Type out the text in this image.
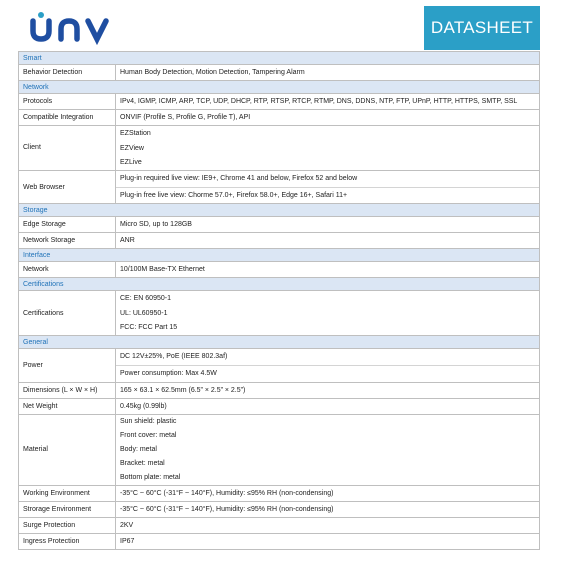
DATASHEET
Smart	
Behavior Detection	Human Body Detection, Motion Detection, Tampering Alarm
Network	
Protocols	IPv4, IGMP, ICMP, ARP, TCP, UDP, DHCP, RTP, RTSP, RTCP, RTMP, DNS, DDNS, NTP, FTP, UPnP, HTTP, HTTPS, SMTP, SSL
Compatible Integration	ONVIF (Profile S, Profile G, Profile T), API
Client	EZStation
EZView
EZLive

Web Browser	Plug-in required live view: IE9+, Chrome 41 and below, Firefox 52 and below
Plug-in free live view: Chorme 57.0+, Firefox 58.0+, Edge 16+, Safari 11+

Storage	
Edge Storage	Micro SD, up to 128GB
Network Storage	ANR
Interface	
Network	10/100M Base-TX Ethernet
Certifications	
Certifications	CE: EN 60950-1
UL: UL60950-1
FCC: FCC Part 15

General	
Power	DC 12V±25%, PoE (IEEE 802.3af)
Power consumption: Max 4.5W

Dimensions (L × W × H)	165 × 63.1 × 62.5mm (6.5” × 2.5” × 2.5”)
Net Weight	0.45kg (0.99lb)
Material	Sun shield: plastic
Front cover: metal
Body: metal
Bracket: metal
Bottom plate: metal

Working Environment	-35°C ~ 60°C (-31°F ~ 140°F), Humidity: ≤95% RH (non-condensing)
Strorage Environment	-35°C ~ 60°C (-31°F ~ 140°F), Humidity: ≤95% RH (non-condensing)
Surge Protection	2KV
Ingress Protection	IP67
